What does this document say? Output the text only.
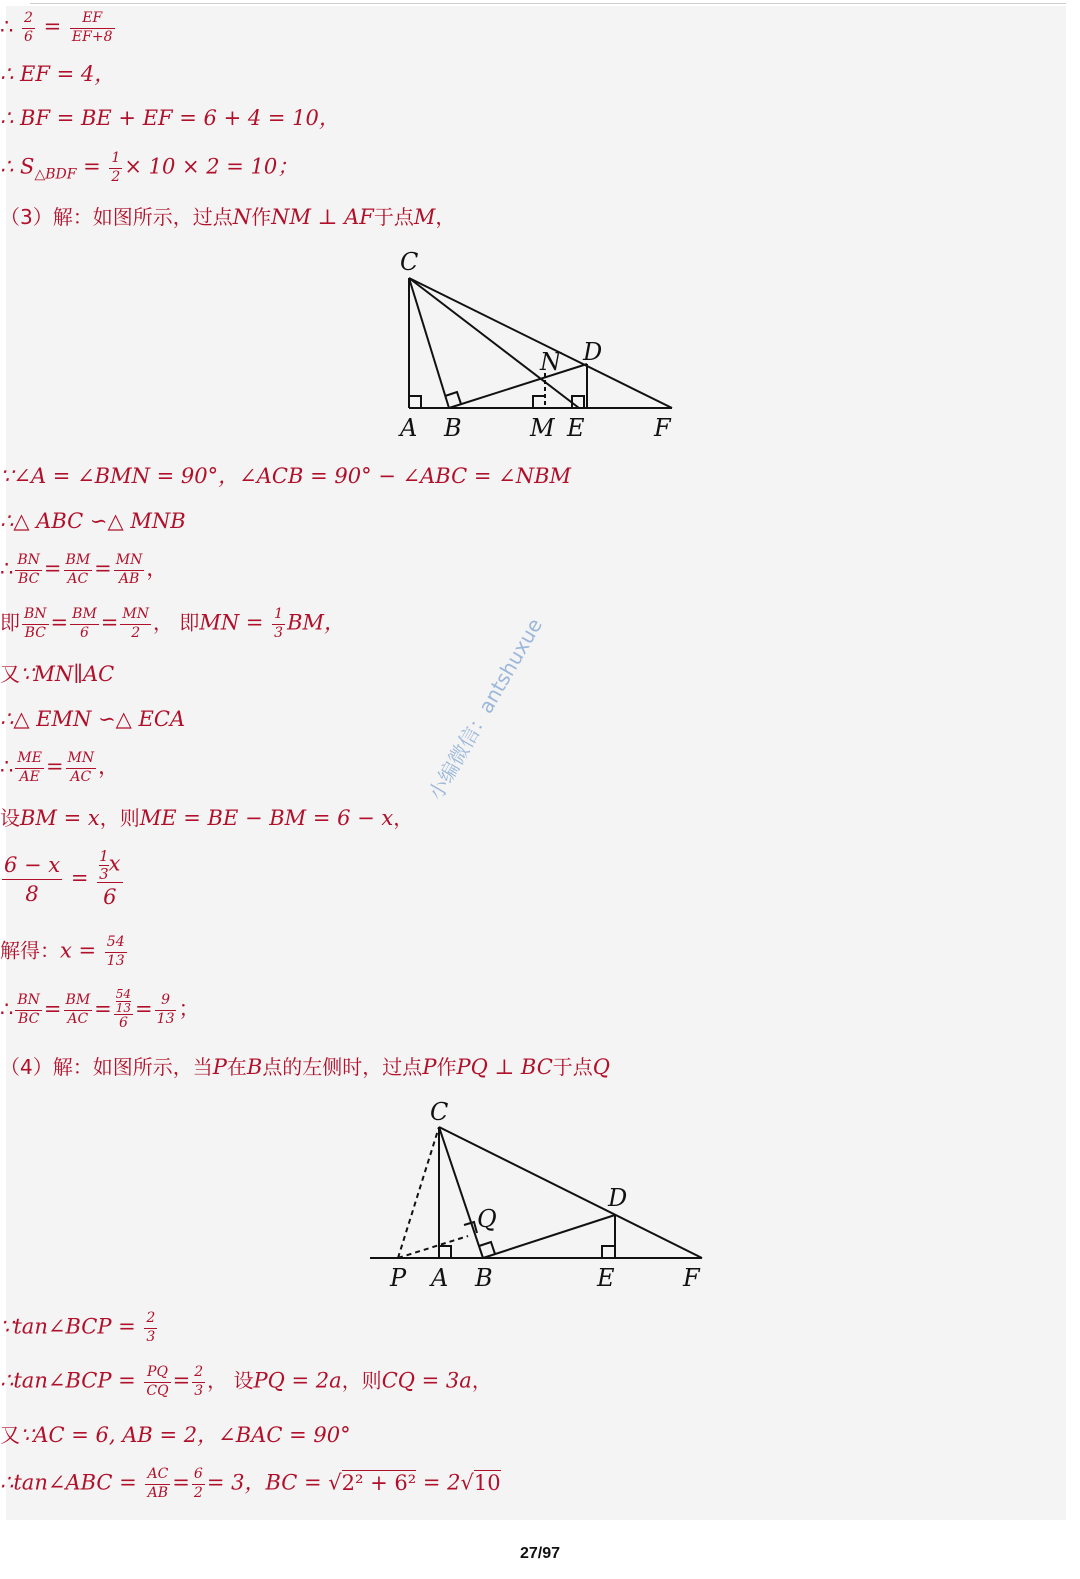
∴ $\frac{2}{6} = \frac{EF}{EF+8}$
∴ EF = 4，
∴ BF = BE + EF = 6 + 4 = 10，
∴ $S_{\triangle BDF} = \frac{1}{2} \times 10 \times 2 = 10$；
（3）解：如图所示，过点N作NM ⊥ AF于点M，
C
D
N
A B	M E	F
∵∠A = ∠BMN = 90°，∠ACB = 90° − ∠ABC = ∠NBM
∴△ ABC ∽△ MNB
∴ $\frac{BN}{BC} = \frac{BM}{AC} = \frac{MN}{AB}$ ，
即 $\frac{BN}{BC} = \frac{BM}{6} = \frac{MN}{2}$ ， 即MN = $\frac{1}{3}$ BM，
又∵MN∥AC
∴△ EMN ∽△ ECA
∴ $\frac{ME}{AE} = \frac{MN}{AC}$ ，
设BM = x，则ME = BE − BM = 6 − x，
$\frac{6 - x}{8} = \frac{\frac{1}{3} x}{6}$
解得：$x = \frac{54}{13}$
∴ $\frac{BN}{BC} = \frac{BM}{AC} = \frac{\frac{54}{13}}{6} = \frac{9}{13}$ ；
（4）解：如图所示，当P在B点的左侧时，过点P作PQ ⊥ BC于点Q
C
D
Q
P A B	E	F
∵tan∠BCP = $\frac{2}{3}$
∴tan∠BCP = $\frac{PQ}{CQ} = \frac{2}{3}$ ， 设PQ = 2a，则CQ = 3a，
又∵AC = 6, AB = 2，∠BAC = 90°
∴tan∠ABC = $\frac{AC}{AB} = \frac{6}{2} = 3$，BC = √2² + 6² = 2√10
小编微信：antshuxue
27/97
